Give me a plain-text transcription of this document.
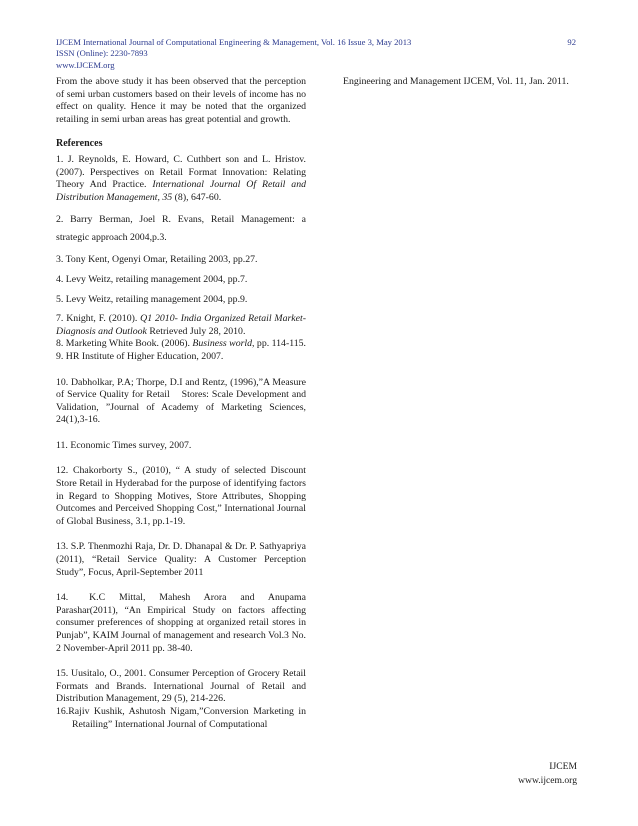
IJCEM International Journal of Computational Engineering & Management, Vol. 16 Issue 3, May 2013	92
ISSN (Online): 2230-7893
www.IJCEM.org

From the above study it has been observed that the perception of semi urban customers based on their levels of income has no effect on quality. Hence it may be noted that the organized retailing in semi urban areas has great potential and growth.

References

1. J. Reynolds, E. Howard, C. Cuthbert son and L. Hristov. (2007). Perspectives on Retail Format Innovation: Relating Theory And Practice. International Journal Of Retail and Distribution Management, 35 (8), 647-60.

2. Barry Berman, Joel R. Evans, Retail Management: a strategic approach 2004,p.3.

3. Tony Kent, Ogenyi Omar, Retailing 2003, pp.27.

4. Levy Weitz, retailing management 2004, pp.7.

5. Levy Weitz, retailing management 2004, pp.9.

7. Knight, F. (2010). Q1 2010- India Organized Retail Market- Diagnosis and Outlook Retrieved July 28, 2010.

8. Marketing White Book. (2006). Business world, pp. 114-115.

9. HR Institute of Higher Education, 2007.

10. Dabholkar, P.A; Thorpe, D.I and Rentz, (1996),”A Measure of Service Quality for Retail    Stores: Scale Development and Validation, ”Journal of Academy of Marketing Sciences,   24(1),3-16.

11. Economic Times survey, 2007.

12. Chakorborty S., (2010), “ A study of selected Discount Store Retail in Hyderabad for the purpose of identifying factors in Regard to Shopping Motives, Store Attributes, Shopping   Outcomes and Perceived Shopping Cost,” International Journal of Global Business, 3.1, pp.1-19.

13. S.P. Thenmozhi Raja, Dr. D. Dhanapal & Dr. P. Sathyapriya (2011), “Retail Service Quality: A Customer Perception Study”, Focus, April-September 2011

14.   K.C  Mittal,  Mahesh  Arora  and  Anupama Parashar(2011), “An Empirical Study on factors affecting consumer preferences of shopping at organized retail stores in Punjab”, KAIM Journal of management and research Vol.3 No. 2 November-April 2011 pp. 38-40.

15. Uusitalo, O., 2001. Consumer Perception of Grocery Retail Formats and Brands. International Journal of Retail and Distribution Management, 29 (5), 214-226.

16.Rajiv Kushik, Ashutosh Nigam,”Conversion Marketing in Retailing” International Journal of Computational

Engineering and Management IJCEM, Vol. 11, Jan. 2011.

IJCEM
www.ijcem.org
